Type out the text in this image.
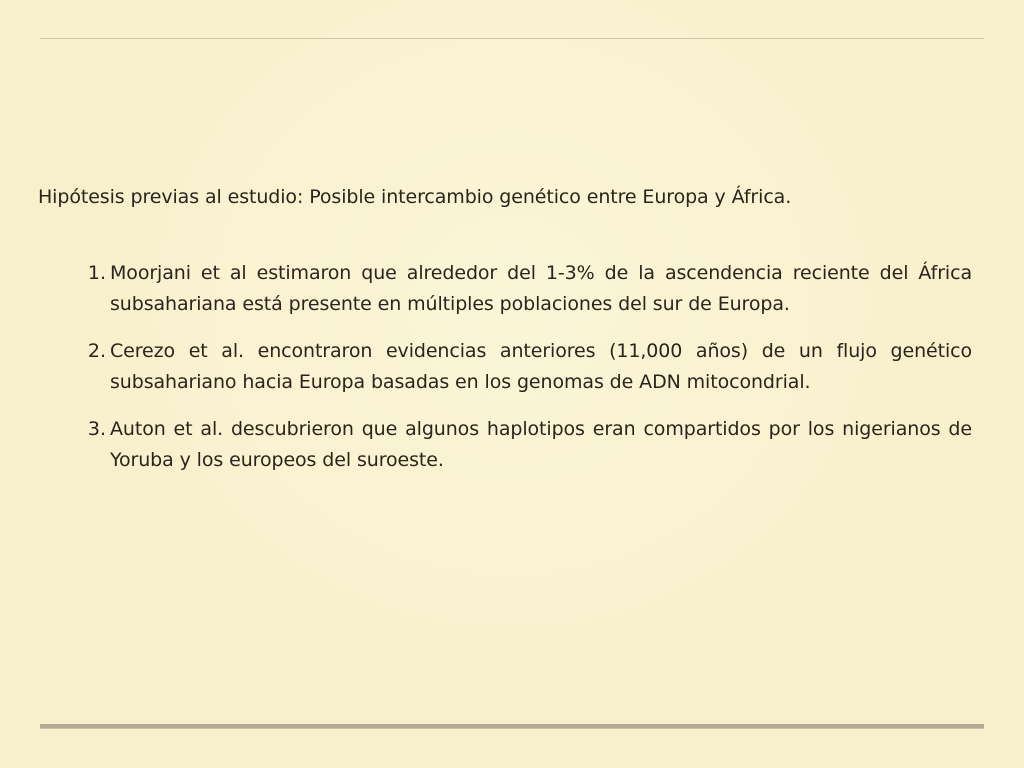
Hipótesis previas al estudio: Posible intercambio genético entre Europa y África.
1. Moorjani et al estimaron que alrededor del 1-3% de la ascendencia reciente del África subsahariana está presente en múltiples poblaciones del sur de Europa.
2. Cerezo et al. encontraron evidencias anteriores (11,000 años) de un flujo genético subsahariano hacia Europa basadas en los genomas de ADN mitocondrial.
3. Auton et al. descubrieron que algunos haplotipos eran compartidos por los nigerianos de Yoruba y los europeos del suroeste.
